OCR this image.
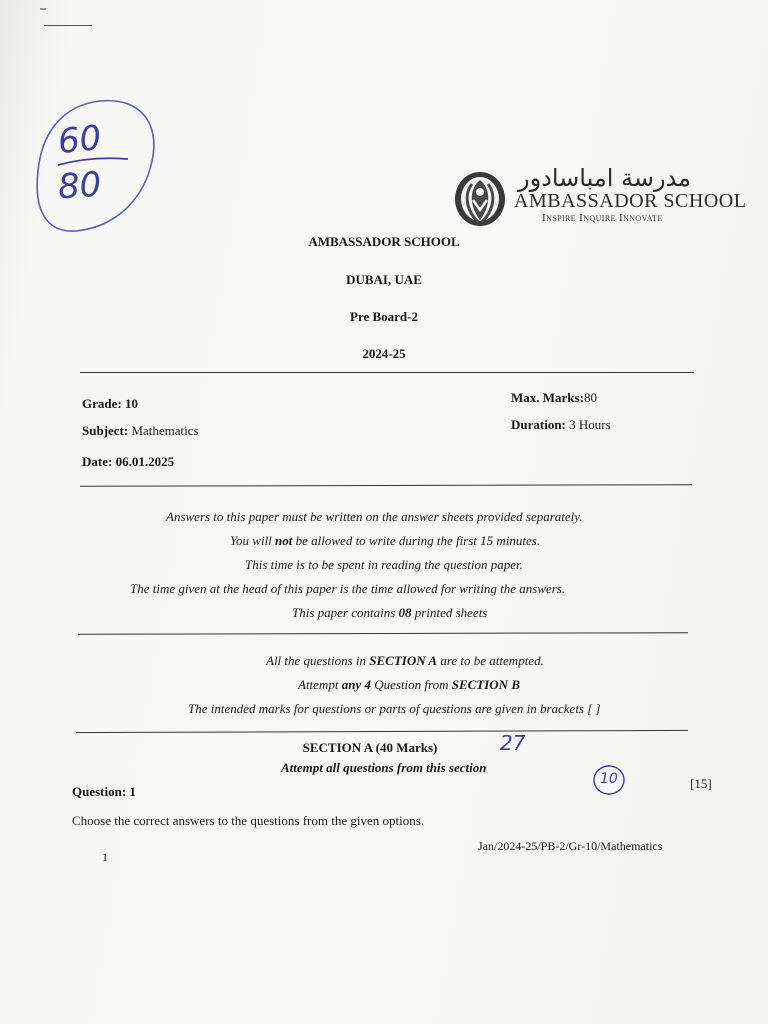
60
80	مدرسة امباسادور
AMBASSADOR SCHOOL
Inspire Inquire Innovate
AMBASSADOR SCHOOL
DUBAI, UAE
Pre Board-2
2024-25
Grade: 10
Subject: Mathematics
Date: 06.01.2025
Max. Marks:80
Duration: 3 Hours
Answers to this paper must be written on the answer sheets provided separately.
You will not be allowed to write during the first 15 minutes.
This time is to be spent in reading the question paper.
The time given at the head of this paper is the time allowed for writing the answers.
This paper contains 08 printed sheets
All the questions in SECTION A are to be attempted.
Attempt any 4 Question from SECTION B
The intended marks for questions or parts of questions are given in brackets [ ]
SECTION A (40 Marks)	27
Attempt all questions from this section
10
Question: 1
[15]
Choose the correct answers to the questions from the given options.
1
Jan/2024-25/PB-2/Gr-10/Mathematics
